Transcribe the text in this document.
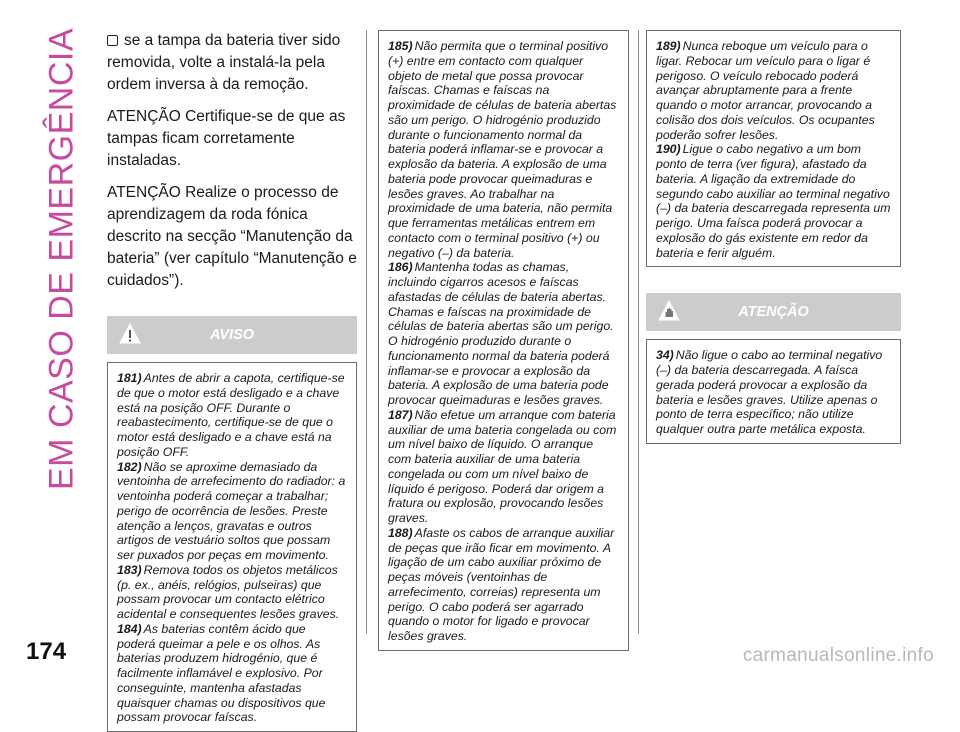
EM CASO DE EMERGÊNCIA	se a tampa da bateria tiver sido removida, volte a instalá-la pela ordem inversa à da remoção.

ATENÇÃO Certifique-se de que as tampas ficam corretamente instaladas.

ATENÇÃO Realize o processo de aprendizagem da roda fónica descrito na secção “Manutenção da bateria” (ver capítulo “Manutenção e cuidados”).

AVISO

181) Antes de abrir a capota, certifique-se de que o motor está desligado e a chave está na posição OFF. Durante o reabastecimento, certifique-se de que o motor está desligado e a chave está na posição OFF.

182) Não se aproxime demasiado da ventoinha de arrefecimento do radiador: a ventoinha poderá começar a trabalhar; perigo de ocorrência de lesões. Preste atenção a lenços, gravatas e outros artigos de vestuário soltos que possam ser puxados por peças em movimento.

183) Remova todos os objetos metálicos (p. ex., anéis, relógios, pulseiras) que possam provocar um contacto elétrico acidental e consequentes lesões graves.

184) As baterias contêm ácido que poderá queimar a pele e os olhos. As baterias produzem hidrogénio, que é facilmente inflamável e explosivo. Por conseguinte, mantenha afastadas quaisquer chamas ou dispositivos que possam provocar faíscas.

185) Não permita que o terminal positivo (+) entre em contacto com qualquer objeto de metal que possa provocar faíscas. Chamas e faíscas na proximidade de células de bateria abertas são um perigo. O hidrogénio produzido durante o funcionamento normal da bateria poderá inflamar-se e provocar a explosão da bateria. A explosão de uma bateria pode provocar queimaduras e lesões graves. Ao trabalhar na proximidade de uma bateria, não permita que ferramentas metálicas entrem em contacto com o terminal positivo (+) ou negativo (–) da bateria.

186) Mantenha todas as chamas, incluindo cigarros acesos e faíscas afastadas de células de bateria abertas. Chamas e faíscas na proximidade de células de bateria abertas são um perigo. O hidrogénio produzido durante o funcionamento normal da bateria poderá inflamar-se e provocar a explosão da bateria. A explosão de uma bateria pode provocar queimaduras e lesões graves.

187) Não efetue um arranque com bateria auxiliar de uma bateria congelada ou com um nível baixo de líquido. O arranque com bateria auxiliar de uma bateria congelada ou com um nível baixo de líquido é perigoso. Poderá dar origem a fratura ou explosão, provocando lesões graves.

188) Afaste os cabos de arranque auxiliar de peças que irão ficar em movimento. A ligação de um cabo auxiliar próximo de peças móveis (ventoinhas de arrefecimento, correias) representa um perigo. O cabo poderá ser agarrado quando o motor for ligado e provocar lesões graves.

189) Nunca reboque um veículo para o ligar. Rebocar um veículo para o ligar é perigoso. O veículo rebocado poderá avançar abruptamente para a frente quando o motor arrancar, provocando a colisão dos dois veículos. Os ocupantes poderão sofrer lesões.

190) Ligue o cabo negativo a um bom ponto de terra (ver figura), afastado da bateria. A ligação da extremidade do segundo cabo auxiliar ao terminal negativo (–) da bateria descarregada representa um perigo. Uma faísca poderá provocar a explosão do gás existente em redor da bateria e ferir alguém.

ATENÇÃO

34) Não ligue o cabo ao terminal negativo (–) da bateria descarregada. A faísca gerada poderá provocar a explosão da bateria e lesões graves. Utilize apenas o ponto de terra específico; não utilize qualquer outra parte metálica exposta.

174	carmanualsonline.info
